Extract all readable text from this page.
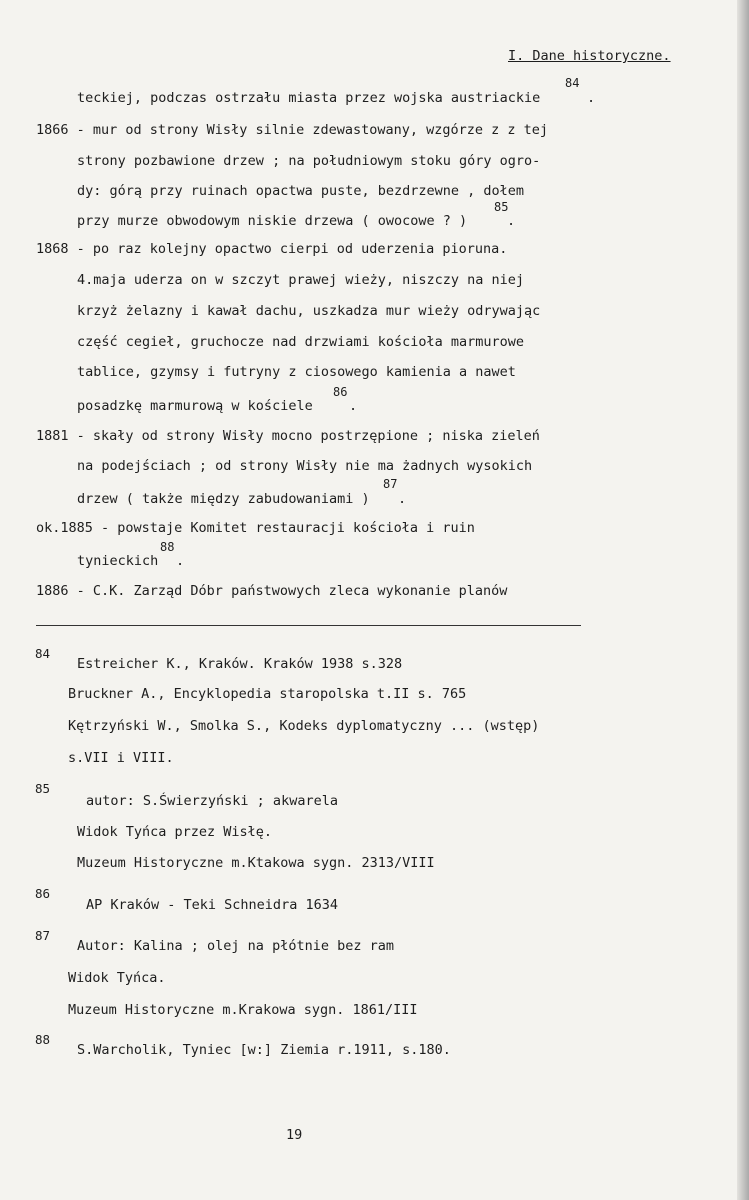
I. Dane historyczne.
teckiej, podczas ostrzału miasta przez wojska austriackie
84
.
1866 - mur od strony Wisły silnie zdewastowany, wzgórze z z tej
strony pozbawione drzew ; na południowym stoku góry ogro-
dy: górą przy ruinach opactwa puste, bezdrzewne , dołem
przy murze obwodowym niskie drzewa ( owocowe ? )
85
.
1868 - po raz kolejny opactwo cierpi od uderzenia pioruna.
4.maja uderza on w szczyt prawej wieży, niszczy na niej
krzyż żelazny i kawał dachu, uszkadza mur wieży odrywając
część cegieł, gruchocze nad drzwiami kościoła marmurowe
tablice, gzymsy i futryny z ciosowego kamienia a nawet
posadzkę marmurową w kościele
86
.
1881 - skały od strony Wisły mocno postrzępione ; niska zieleń
na podejściach ; od strony Wisły nie ma żadnych wysokich
drzew ( także między zabudowaniami )
87
.
ok.1885 - powstaje Komitet restauracji kościoła i ruin
tynieckich
88
.
1886 - C.K. Zarząd Dóbr państwowych zleca wykonanie planów
84
Estreicher K., Kraków. Kraków 1938 s.328
Bruckner A., Encyklopedia staropolska t.II s. 765
Kętrzyński W., Smolka S., Kodeks dyplomatyczny ... (wstęp)
s.VII i VIII.
85
autor: S.Świerzyński ; akwarela
Widok Tyńca przez Wisłę.
Muzeum Historyczne m.Ktakowa sygn. 2313/VIII
86
AP Kraków - Teki Schneidra 1634
87
Autor: Kalina ; olej na płótnie bez ram
Widok Tyńca.
Muzeum Historyczne m.Krakowa sygn. 1861/III
88
S.Warcholik, Tyniec [w:] Ziemia r.1911, s.180.
19
